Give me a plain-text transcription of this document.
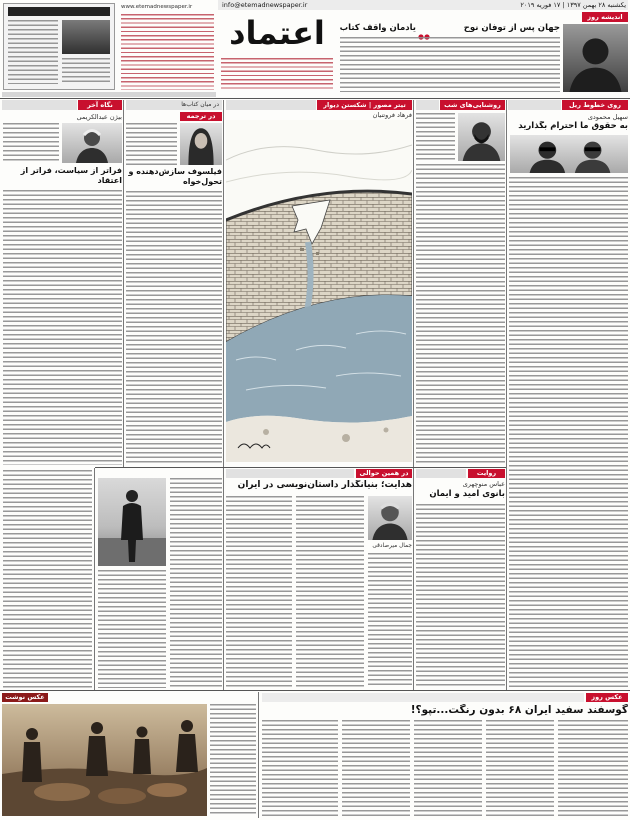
یکشنبه ۲۸ بهمن ۱۳۹۷ | ۱۷ فوریه ۲۰۱۹
info@etemadnewspaper.ir
اعتماد
www.etemadnewspaper.ir
اندیشه روز
جهان پس از توفان نوح
یادمان واقف کتاب
روی خطوط ریل
سهیل محمودی
به حقوق ما احترام بگذارید
روشنایی‌های شب
تیتر مصور | شکستن دیوار
فرهاد فروتنیان
در میان کتاب‌ها
در ترجمه
فیلسوف سازش‌دهنده و تحول‌خواه
نگاه آخر
بیژن عبدالکریمی
فراتر از سیاست، فراتر از اعتقاد
روایت
عباس منوچهری
بانوی امید و ایمان
در همین حوالی
هدایت؛ بنیانگذار داستان‌نویسی در ایران
جمال میرصادقی
عکس نوشت	عکس روز
گوسفند سفید ایران ۶۸ بدون رنگت...تپو؟!
